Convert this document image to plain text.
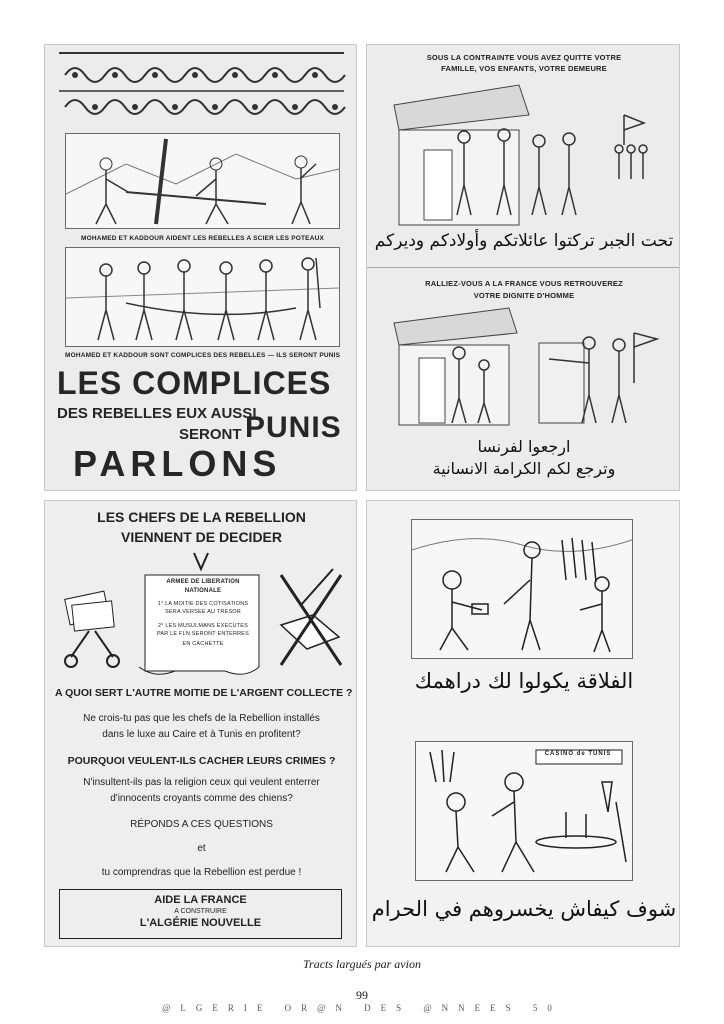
MOHAMED ET KADDOUR AIDENT LES REBELLES A SCIER LES POTEAUX
MOHAMED ET KADDOUR SONT COMPLICES DES REBELLES — ILS SERONT PUNIS
LES COMPLICES
DES REBELLES EUX AUSSI
SERONT PUNIS
PARLONS
SOUS LA CONTRAINTE VOUS AVEZ QUITTE VOTRE
FAMILLE, VOS ENFANTS, VOTRE DEMEURE
تحت الجبر تركتوا عائلاتكم وأولادكم وديركم
RALLIEZ-VOUS A LA FRANCE VOUS RETROUVEREZ
VOTRE DIGNITE D'HOMME
ارجعوا لفرنسا
وترجع لكم الكرامة الانسانية
LES CHEFS DE LA REBELLION
VIENNENT DE DECIDER
ARMEE DE LIBERATION
NATIONALE
1° LA MOITIE DES COTISATIONS
SERA VERSEE AU TRESOR
2° LES MUSULMANS EXECUTES
PAR LE FLN SERONT ENTERRES
EN CACHETTE
A QUOI SERT L'AUTRE MOITIE DE L'ARGENT COLLECTE ?
Ne crois-tu pas que les chefs de la Rebellion installés
dans le luxe au Caire et à Tunis en profitent?
POURQUOI VEULENT-ILS CACHER LEURS CRIMES ?
N'insultent-ils pas la religion ceux qui veulent enterrer
d'innocents croyants comme des chiens?
RÉPONDS A CES QUESTIONS
et
tu comprendras que la Rebellion est perdue !
AIDE LA FRANCE
A CONSTRUIRE
L'ALGÉRIE NOUVELLE
الفلاقة يكولوا لك دراهمك
CASINO de TUNIS
شوف كيفاش يخسروهم في الحرام
Tracts largués par avion
99
@LGERIE OR@N DES @NNEES 50
